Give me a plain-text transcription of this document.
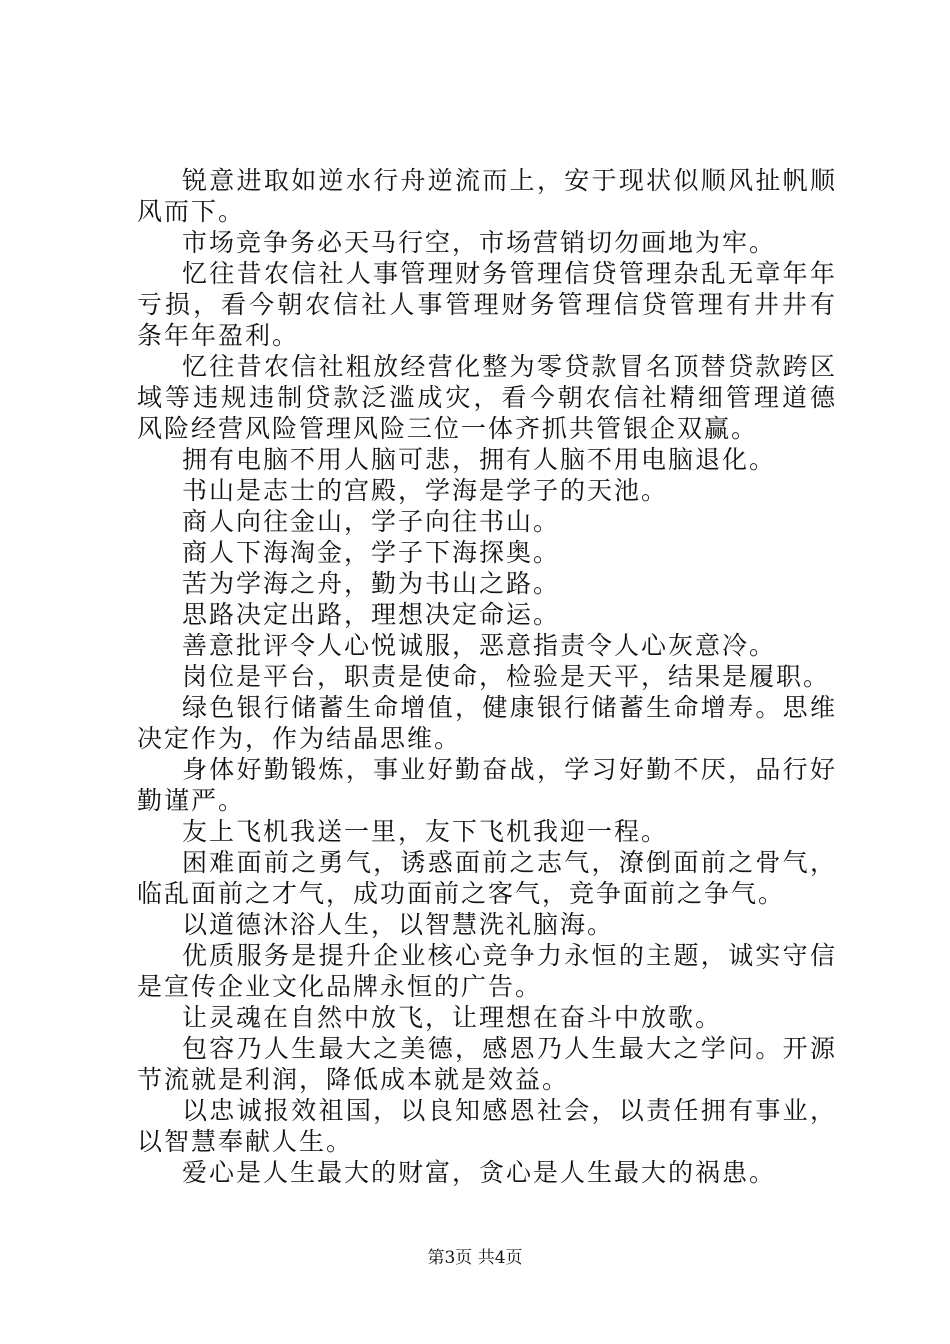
锐意进取如逆水行舟逆流而上，安于现状似顺风扯帆顺风而下。

市场竞争务必天马行空，市场营销切勿画地为牢。

忆往昔农信社人事管理财务管理信贷管理杂乱无章年年亏损，看今朝农信社人事管理财务管理信贷管理有井井有条年年盈利。

忆往昔农信社粗放经营化整为零贷款冒名顶替贷款跨区域等违规违制贷款泛滥成灾，看今朝农信社精细管理道德风险经营风险管理风险三位一体齐抓共管银企双赢。

拥有电脑不用人脑可悲，拥有人脑不用电脑退化。

书山是志士的宫殿，学海是学子的天池。

商人向往金山，学子向往书山。

商人下海淘金，学子下海探奥。

苦为学海之舟，勤为书山之路。

思路决定出路，理想决定命运。

善意批评令人心悦诚服，恶意指责令人心灰意冷。

岗位是平台，职责是使命，检验是天平，结果是履职。

绿色银行储蓄生命增值，健康银行储蓄生命增寿。思维决定作为，作为结晶思维。

身体好勤锻炼，事业好勤奋战，学习好勤不厌，品行好勤谨严。

友上飞机我送一里，友下飞机我迎一程。

困难面前之勇气，诱惑面前之志气，潦倒面前之骨气，临乱面前之才气，成功面前之客气，竞争面前之争气。

以道德沐浴人生，以智慧洗礼脑海。

优质服务是提升企业核心竞争力永恒的主题，诚实守信是宣传企业文化品牌永恒的广告。

让灵魂在自然中放飞，让理想在奋斗中放歌。

包容乃人生最大之美德，感恩乃人生最大之学问。开源节流就是利润，降低成本就是效益。

以忠诚报效祖国，以良知感恩社会，以责任拥有事业，以智慧奉献人生。

爱心是人生最大的财富，贪心是人生最大的祸患。

第3页 共4页
